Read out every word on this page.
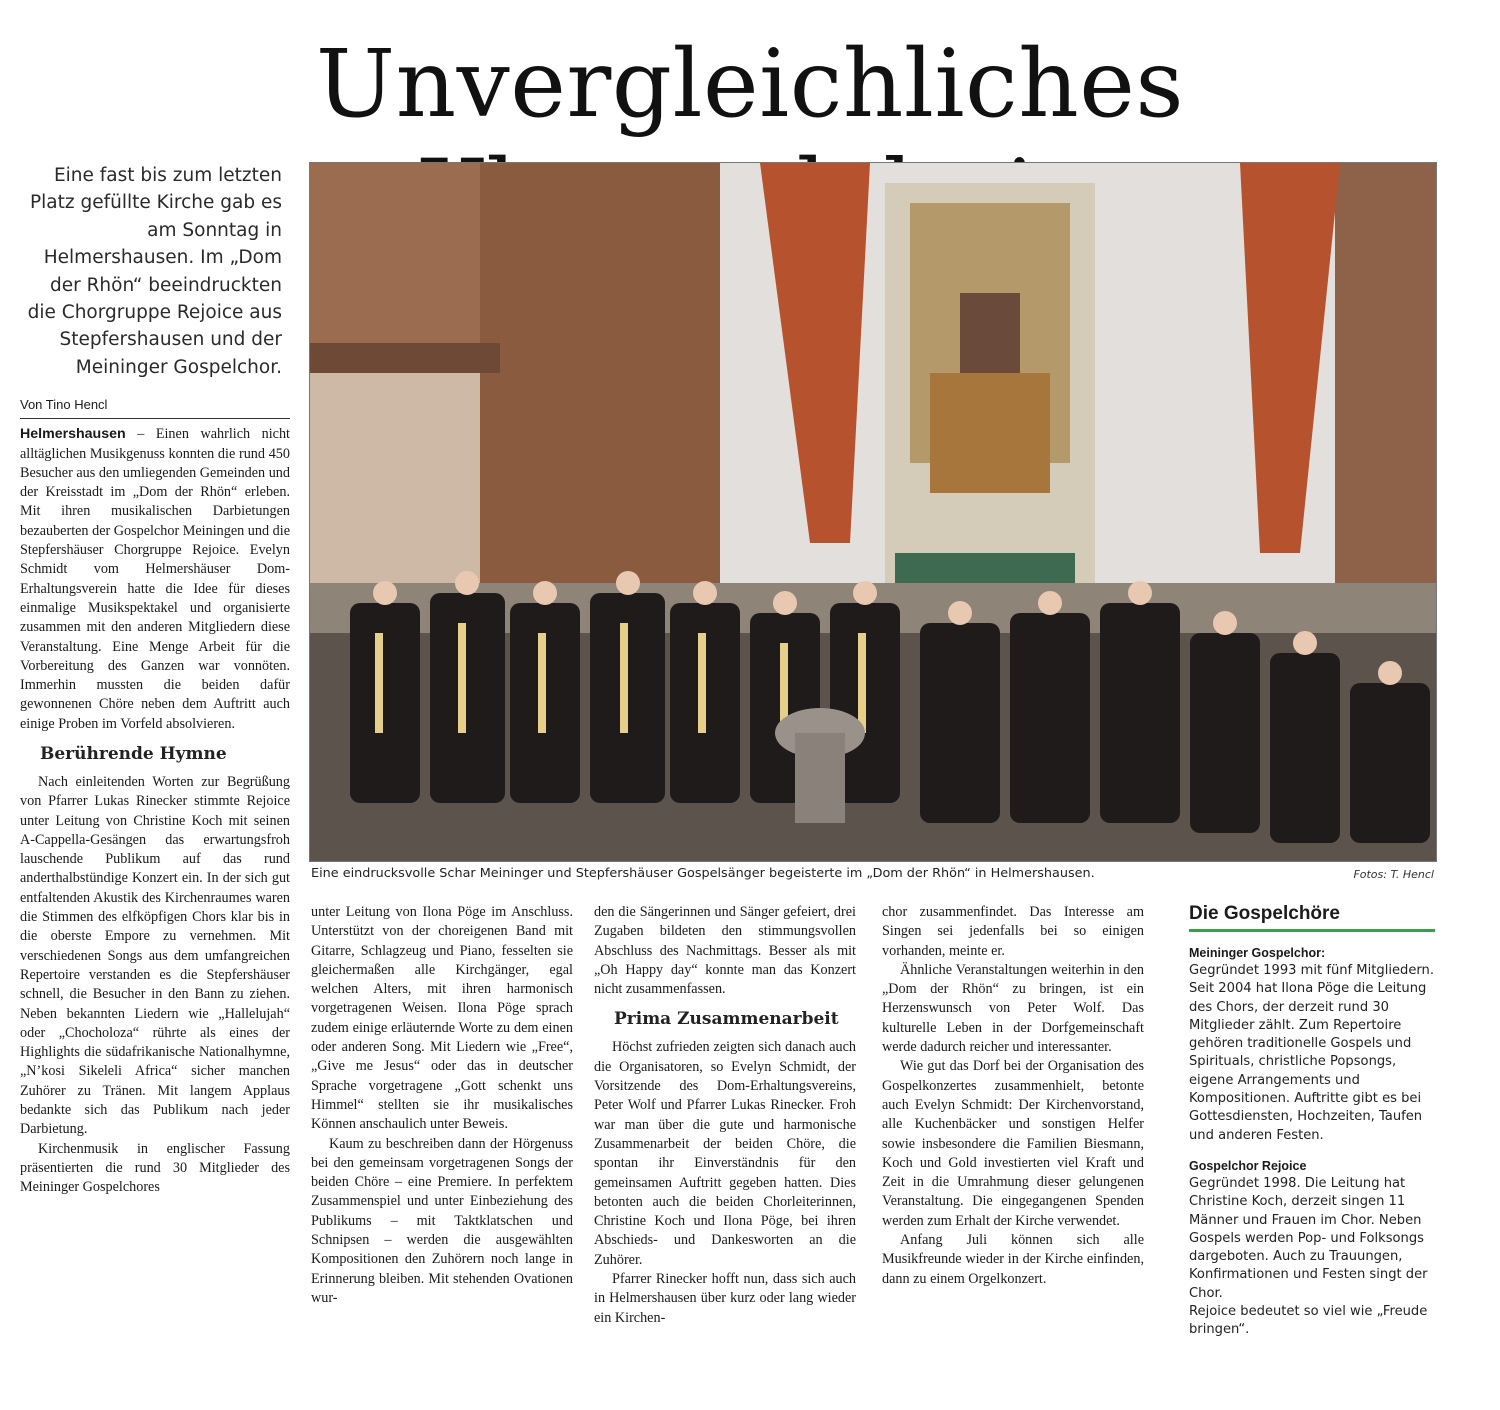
Unvergleichliches
Eine fast bis zum letzten Platz gefüllte Kirche gab es am Sonntag in Helmershausen. Im „Dom der Rhön“ beeindruckten die Chorgruppe Rejoice aus Stepfershausen und der Meininger Gospelchor.
Von Tino Hencl

Helmershausen – Einen wahrlich nicht alltäglichen Musikgenuss konnten die rund 450 Besucher aus den umliegenden Gemeinden und der Kreisstadt im „Dom der Rhön“ erleben. Mit ihren musikalischen Darbietungen bezauberten der Gospelchor Meiningen und die Stepfershäuser Chorgruppe Rejoice. Evelyn Schmidt vom Helmershäuser Dom-Erhaltungsverein hatte die Idee für dieses einmalige Musikspektakel und organisierte zusammen mit den anderen Mitgliedern diese Veranstaltung. Eine Menge Arbeit für die Vorbereitung des Ganzen war vonnöten. Immerhin mussten die beiden dafür gewonnenen Chöre neben dem Auftritt auch einige Proben im Vorfeld absolvieren.

Berührende Hymne

Nach einleitenden Worten zur Begrüßung von Pfarrer Lukas Rinecker stimmte Rejoice unter Leitung von Christine Koch mit seinen A-Cappella-Gesängen das erwartungsfroh lauschende Publikum auf das rund anderthalbstündige Konzert ein. In der sich gut entfaltenden Akustik des Kirchenraumes waren die Stimmen des elfköpfigen Chors klar bis in die oberste Empore zu vernehmen. Mit verschiedenen Songs aus dem umfangreichen Repertoire verstanden es die Stepfershäuser schnell, die Besucher in den Bann zu ziehen. Neben bekannten Liedern wie „Hallelujah“ oder „Chocholoza“ rührte als eines der Highlights die südafrikanische Nationalhymne, „N’kosi Sikeleli Africa“ sicher manchen Zuhörer zu Tränen. Mit langem Applaus bedankte sich das Publikum nach jeder Darbietung.

Kirchenmusik in englischer Fassung präsentierten die rund 30 Mitglieder des Meininger Gospelchores

Eine eindrucksvolle Schar Meininger und Stepfershäuser Gospelsänger begeisterte im „Dom der Rhön“ in Helmershausen.	Fotos: T. Hencl

unter Leitung von Ilona Pöge im Anschluss. Unterstützt von der choreigenen Band mit Gitarre, Schlagzeug und Piano, fesselten sie gleichermaßen alle Kirchgänger, egal welchen Alters, mit ihren harmonisch vorgetragenen Weisen. Ilona Pöge sprach zudem einige erläuternde Worte zu dem einen oder anderen Song. Mit Liedern wie „Free“, „Give me Jesus“ oder das in deutscher Sprache vorgetragene „Gott schenkt uns Himmel“ stellten sie ihr musikalisches Können anschaulich unter Beweis.

Kaum zu beschreiben dann der Hörgenuss bei den gemeinsam vorgetragenen Songs der beiden Chöre – eine Premiere. In perfektem Zusammenspiel und unter Einbeziehung des Publikums – mit Taktklatschen und Schnipsen – werden die ausgewählten Kompositionen den Zuhörern noch lange in Erinnerung bleiben. Mit stehenden Ovationen wur-

den die Sängerinnen und Sänger gefeiert, drei Zugaben bildeten den stimmungsvollen Abschluss des Nachmittags. Besser als mit „Oh Happy day“ konnte man das Konzert nicht zusammenfassen.

Prima Zusammenarbeit

Höchst zufrieden zeigten sich danach auch die Organisatoren, so Evelyn Schmidt, der Vorsitzende des Dom-Erhaltungsvereins, Peter Wolf und Pfarrer Lukas Rinecker. Froh war man über die gute und harmonische Zusammenarbeit der beiden Chöre, die spontan ihr Einverständnis für den gemeinsamen Auftritt gegeben hatten. Dies betonten auch die beiden Chorleiterinnen, Christine Koch und Ilona Pöge, bei ihren Abschieds- und Dankesworten an die Zuhörer.

Pfarrer Rinecker hofft nun, dass sich auch in Helmershausen über kurz oder lang wieder ein Kirchen-

chor zusammenfindet. Das Interesse am Singen sei jedenfalls bei so einigen vorhanden, meinte er.

Ähnliche Veranstaltungen weiterhin in den „Dom der Rhön“ zu bringen, ist ein Herzenswunsch von Peter Wolf. Das kulturelle Leben in der Dorfgemeinschaft werde dadurch reicher und interessanter.

Wie gut das Dorf bei der Organisation des Gospelkonzertes zusammenhielt, betonte auch Evelyn Schmidt: Der Kirchenvorstand, alle Kuchenbäcker und sonstigen Helfer sowie insbesondere die Familien Biesmann, Koch und Gold investierten viel Kraft und Zeit in die Umrahmung dieser gelungenen Veranstaltung. Die eingegangenen Spenden werden zum Erhalt der Kirche verwendet.

Anfang Juli können sich alle Musikfreunde wieder in der Kirche einfinden, dann zu einem Orgelkonzert.

Die Gospelchöre
Meininger Gospelchor:
Gegründet 1993 mit fünf Mitgliedern. Seit 2004 hat Ilona Pöge die Leitung des Chors, der derzeit rund 30 Mitglieder zählt. Zum Repertoire gehören traditionelle Gospels und Spirituals, christliche Popsongs, eigene Arrangements und Kompositionen. Auftritte gibt es bei Gottesdiensten, Hochzeiten, Taufen und anderen Festen.
Gospelchor Rejoice
Gegründet 1998. Die Leitung hat Christine Koch, derzeit singen 11 Männer und Frauen im Chor. Neben Gospels werden Pop- und Folksongs dargeboten. Auch zu Trauungen, Konfirmationen und Festen singt der Chor.
Rejoice bedeutet so viel wie „Freude bringen“.
